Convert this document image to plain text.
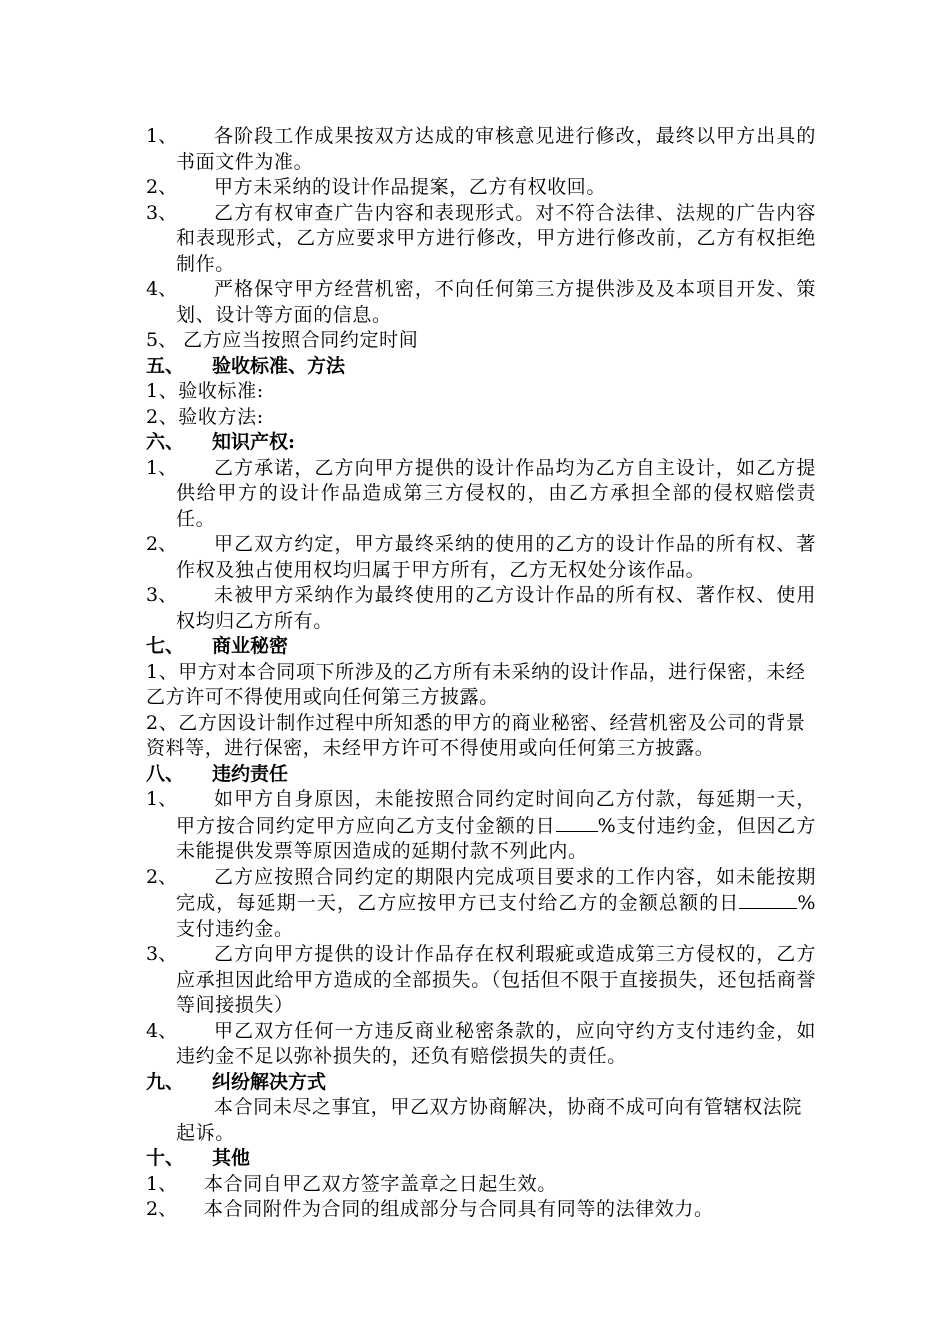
1、	各阶段工作成果按双方达成的审核意见进行修改，最终以甲方出具的书面文件为准。
2、	甲方未采纳的设计作品提案，乙方有权收回。
3、	乙方有权审查广告内容和表现形式。对不符合法律、法规的广告内容和表现形式，乙方应要求甲方进行修改，甲方进行修改前，乙方有权拒绝制作。
4、	严格保守甲方经营机密，不向任何第三方提供涉及及本项目开发、策划、设计等方面的信息。
5、 乙方应当按照合同约定时间
五、	验收标准、方法

1、验收标准:

2、验收方法:

六、	知识产权:
1、	乙方承诺，乙方向甲方提供的设计作品均为乙方自主设计，如乙方提供给甲方的设计作品造成第三方侵权的，由乙方承担全部的侵权赔偿责任。
2、	甲乙双方约定，甲方最终采纳的使用的乙方的设计作品的所有权、著作权及独占使用权均归属于甲方所有，乙方无权处分该作品。
3、	未被甲方采纳作为最终使用的乙方设计作品的所有权、著作权、使用权均归乙方所有。
七、	商业秘密

1、甲方对本合同项下所涉及的乙方所有未采纳的设计作品，进行保密，未经乙方许可不得使用或向任何第三方披露。

2、乙方因设计制作过程中所知悉的甲方的商业秘密、经营机密及公司的背景资料等，进行保密，未经甲方许可不得使用或向任何第三方披露。

八、	违约责任
1、	如甲方自身原因，未能按照合同约定时间向乙方付款，每延期一天，甲方按合同约定甲方应向乙方支付金额的日 %支付违约金，但因乙方未能提供发票等原因造成的延期付款不列此内。
2、	乙方应按照合同约定的期限内完成项目要求的工作内容，如未能按期完成，每延期一天，乙方应按甲方已支付给乙方的金额总额的日	%支付违约金。
3、	乙方向甲方提供的设计作品存在权利瑕疵或造成第三方侵权的，乙方应承担因此给甲方造成的全部损失。（包括但不限于直接损失，还包括商誉等间接损失）
4、	甲乙双方任何一方违反商业秘密条款的，应向守约方支付违约金，如违约金不足以弥补损失的，还负有赔偿损失的责任。
九、	纠纷解决方式

本合同未尽之事宜，甲乙双方协商解决，协商不成可向有管辖权法院起诉。

十、	其他
1、	本合同自甲乙双方签字盖章之日起生效。
2、	本合同附件为合同的组成部分与合同具有同等的法律效力。
